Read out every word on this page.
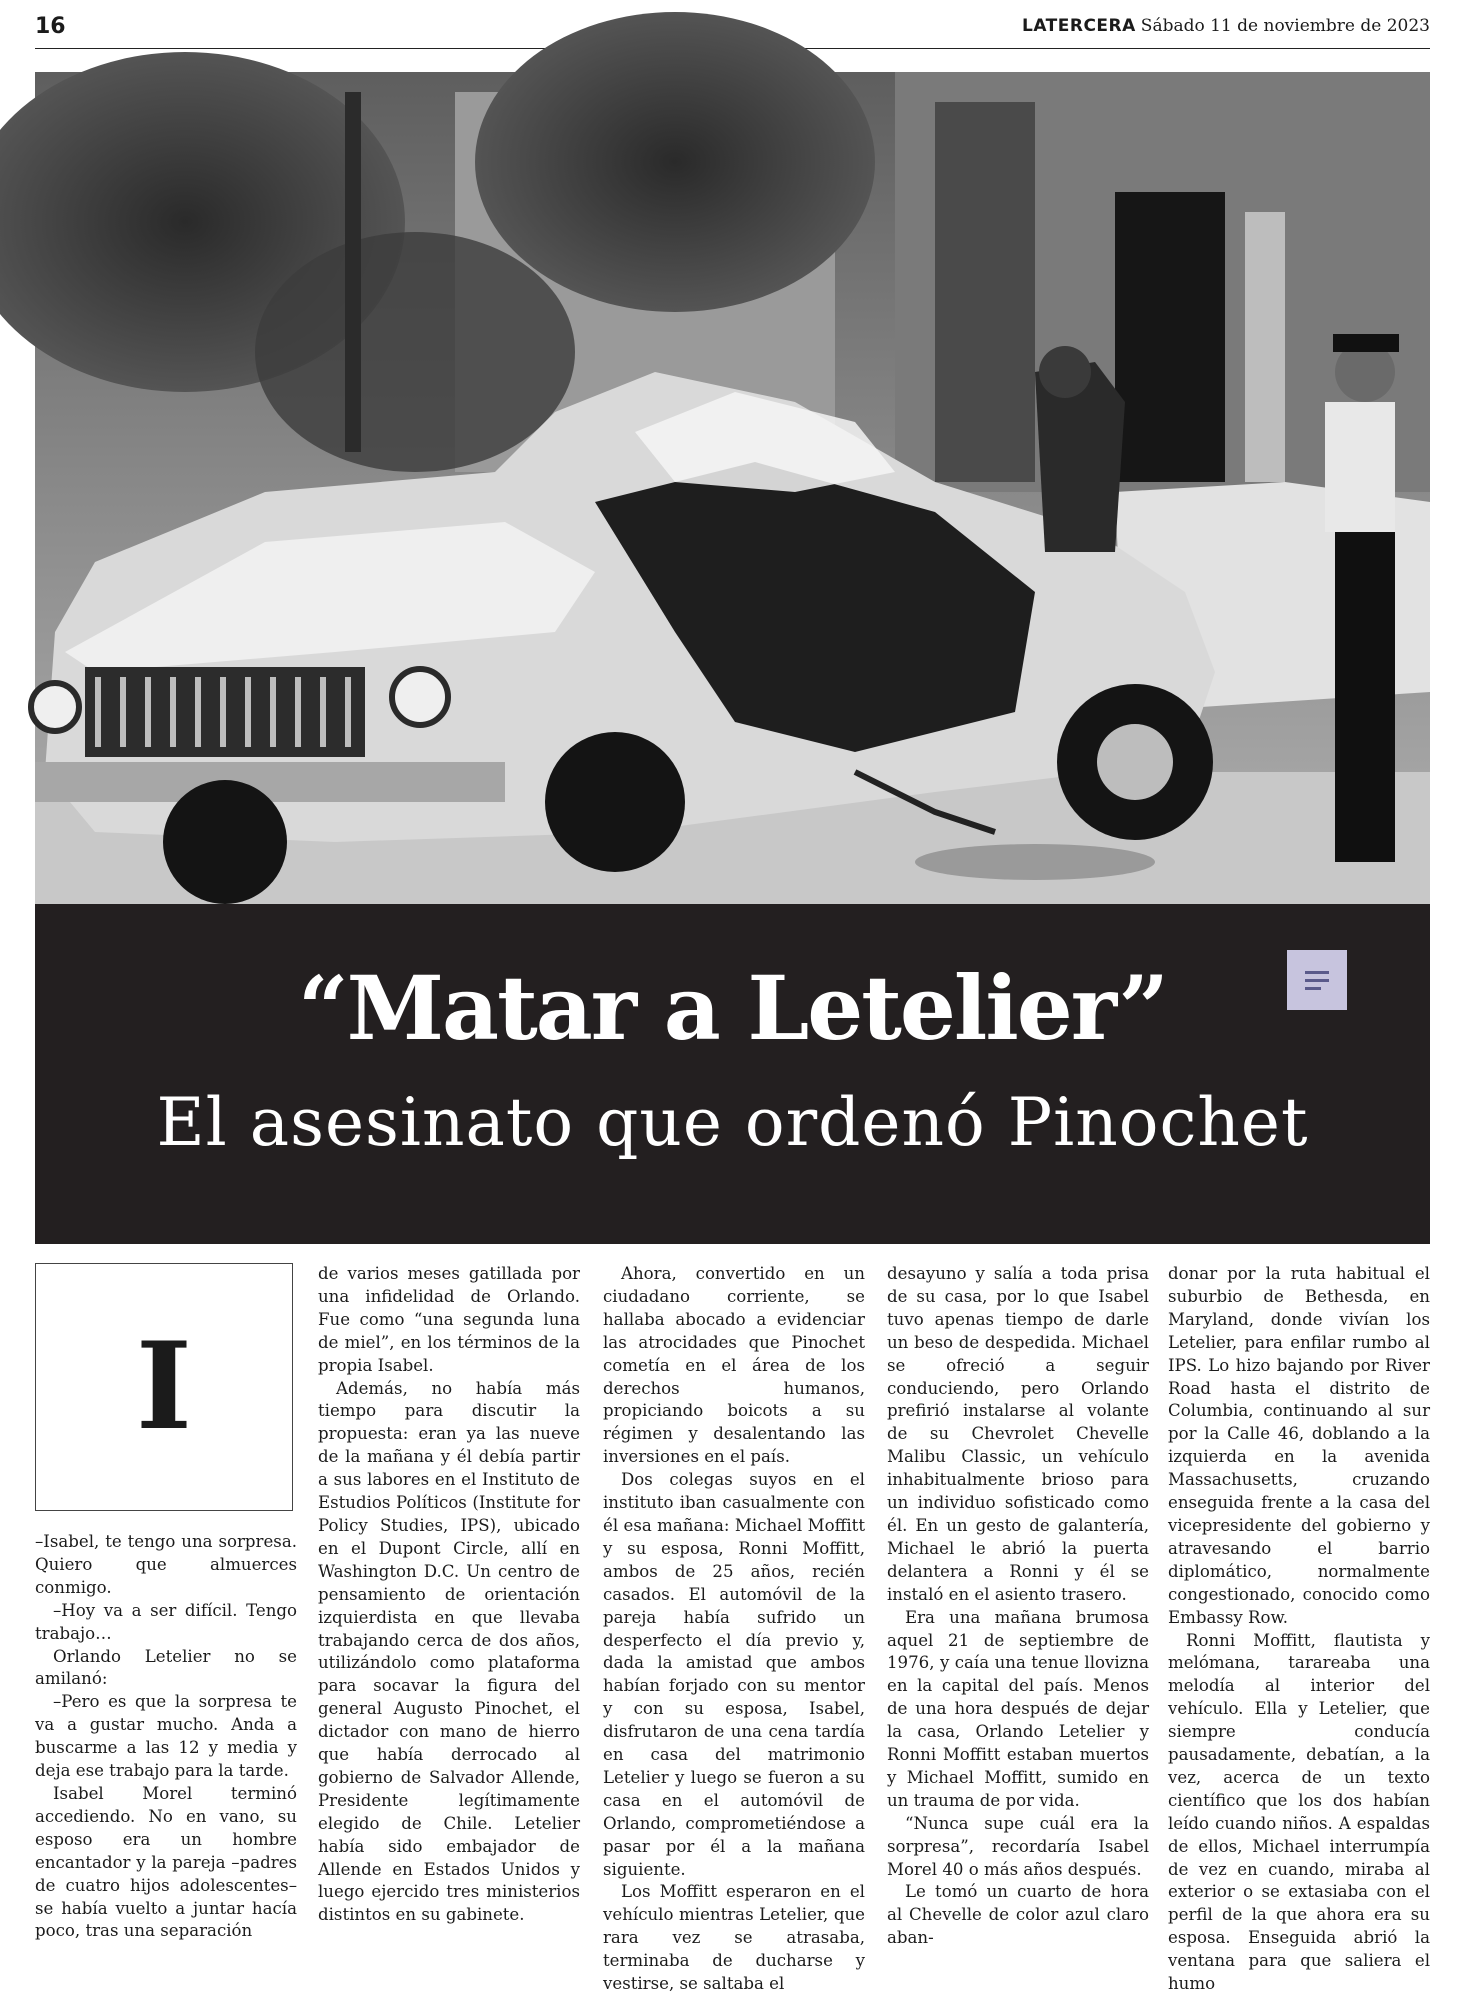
16	LATERCERA Sábado 11 de noviembre de 2023
“Matar a Letelier”
El asesinato que ordenó Pinochet
I

–Isabel, te tengo una sorpresa. Quiero que almuerces conmigo.

–Hoy va a ser difícil. Tengo trabajo…

Orlando Letelier no se amilanó:

–Pero es que la sorpresa te va a gustar mucho. Anda a buscarme a las 12 y media y deja ese trabajo para la tarde.

Isabel Morel terminó accediendo. No en vano, su esposo era un hombre encantador y la pareja –padres de cuatro hijos adolescentes– se había vuelto a juntar hacía poco, tras una separación

de varios meses gatillada por una infidelidad de Orlando. Fue como “una segunda luna de miel”, en los términos de la propia Isabel.

Además, no había más tiempo para discutir la propuesta: eran ya las nueve de la mañana y él debía partir a sus labores en el Instituto de Estudios Políticos (Institute for Policy Studies, IPS), ubicado en el Dupont Circle, allí en Washington D.C. Un centro de pensamiento de orientación izquierdista en que llevaba trabajando cerca de dos años, utilizándolo como plataforma para socavar la figura del general Augusto Pinochet, el dictador con mano de hierro que había derrocado al gobierno de Salvador Allende, Presidente legítimamente elegido de Chile. Letelier había sido embajador de Allende en Estados Unidos y luego ejercido tres ministerios distintos en su gabinete.

Ahora, convertido en un ciudadano corriente, se hallaba abocado a evidenciar las atrocidades que Pinochet cometía en el área de los derechos humanos, propiciando boicots a su régimen y desalentando las inversiones en el país.

Dos colegas suyos en el instituto iban casualmente con él esa mañana: Michael Moffitt y su esposa, Ronni Moffitt, ambos de 25 años, recién casados. El automóvil de la pareja había sufrido un desperfecto el día previo y, dada la amistad que ambos habían forjado con su mentor y con su esposa, Isabel, disfrutaron de una cena tardía en casa del matrimonio Letelier y luego se fueron a su casa en el automóvil de Orlando, comprometiéndose a pasar por él a la mañana siguiente.

Los Moffitt esperaron en el vehículo mientras Letelier, que rara vez se atrasaba, terminaba de ducharse y vestirse, se saltaba el

desayuno y salía a toda prisa de su casa, por lo que Isabel tuvo apenas tiempo de darle un beso de despedida. Michael se ofreció a seguir conduciendo, pero Orlando prefirió instalarse al volante de su Chevrolet Chevelle Malibu Classic, un vehículo inhabitualmente brioso para un individuo sofisticado como él. En un gesto de galantería, Michael le abrió la puerta delantera a Ronni y él se instaló en el asiento trasero.

Era una mañana brumosa aquel 21 de septiembre de 1976, y caía una tenue llovizna en la capital del país. Menos de una hora después de dejar la casa, Orlando Letelier y Ronni Moffitt estaban muertos y Michael Moffitt, sumido en un trauma de por vida.

“Nunca supe cuál era la sorpresa”, recordaría Isabel Morel 40 o más años después.

Le tomó un cuarto de hora al Chevelle de color azul claro aban-

donar por la ruta habitual el suburbio de Bethesda, en Maryland, donde vivían los Letelier, para enfilar rumbo al IPS. Lo hizo bajando por River Road hasta el distrito de Columbia, continuando al sur por la Calle 46, doblando a la izquierda en la avenida Massachusetts, cruzando enseguida frente a la casa del vicepresidente del gobierno y atravesando el barrio diplomático, normalmente congestionado, conocido como Embassy Row.

Ronni Moffitt, flautista y melómana, tarareaba una melodía al interior del vehículo. Ella y Letelier, que siempre conducía pausadamente, debatían, a la vez, acerca de un texto científico que los dos habían leído cuando niños. A espaldas de ellos, Michael interrumpía de vez en cuando, miraba al exterior o se extasiaba con el perfil de la que ahora era su esposa. Enseguida abrió la ventana para que saliera el humo
